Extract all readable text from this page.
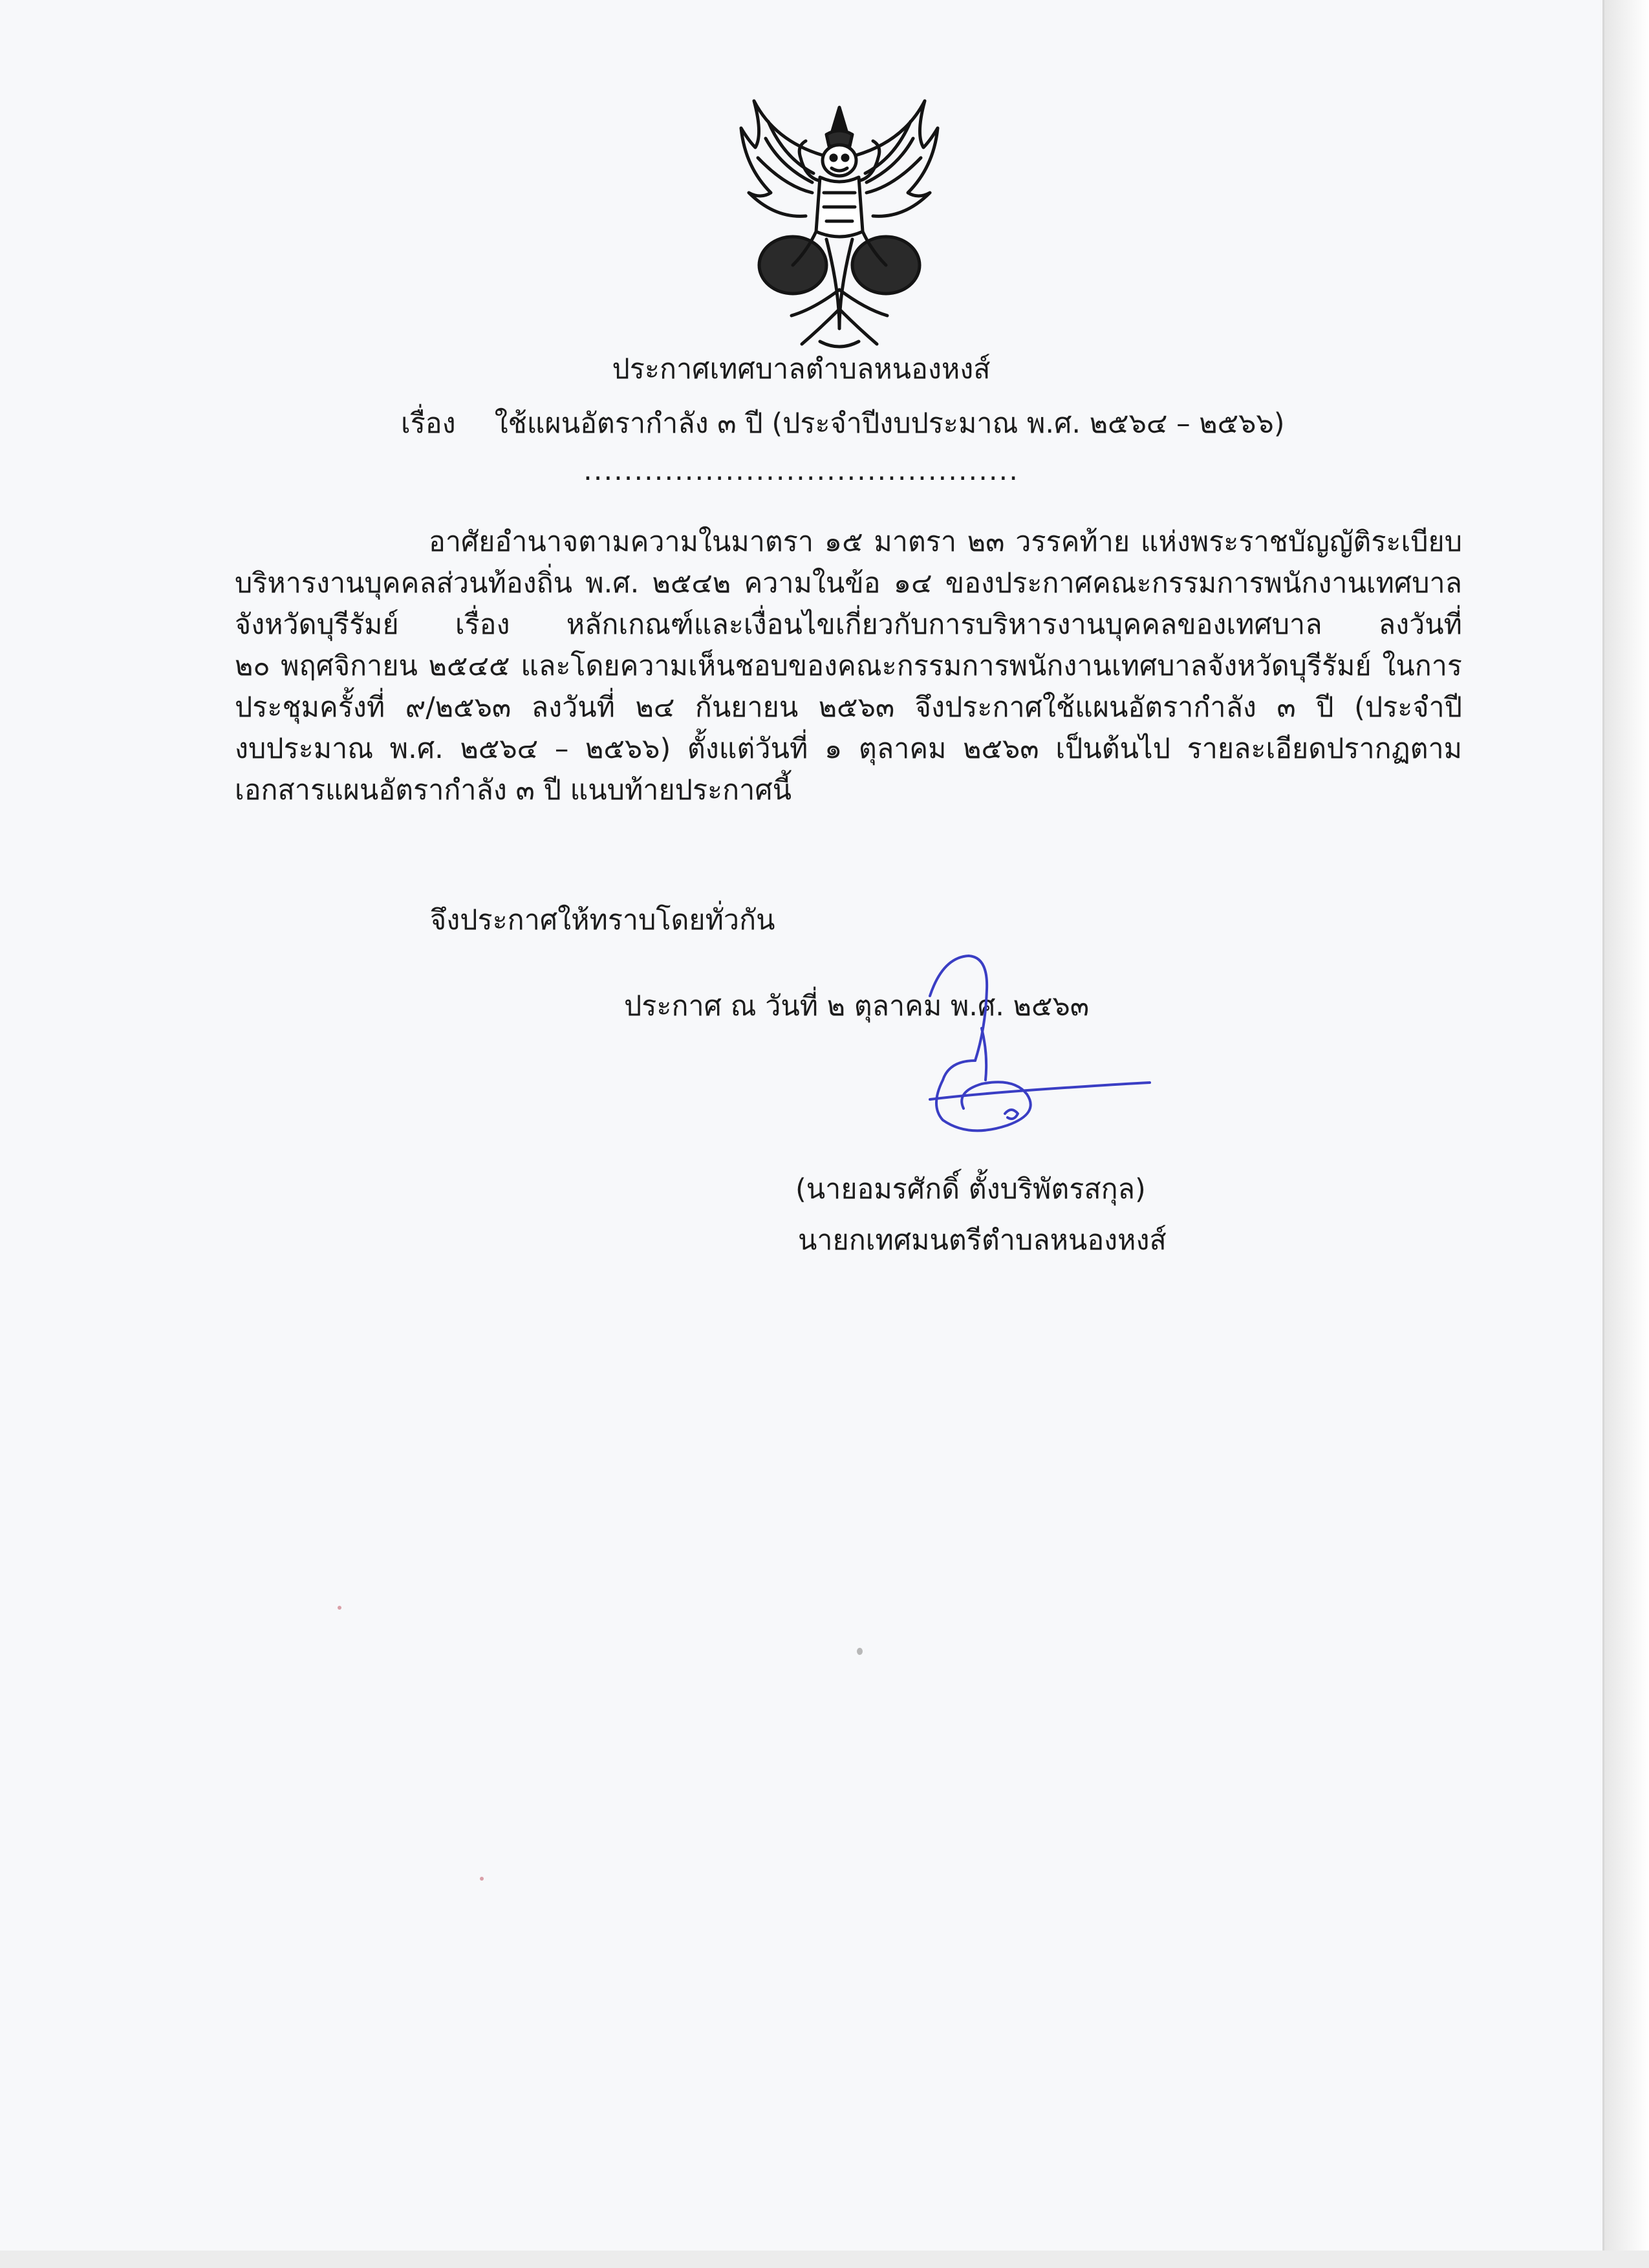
ประกาศเทศบาลตำบลหนองหงส์
เรื่อง ใช้แผนอัตรากำลัง ๓ ปี (ประจำปีงบประมาณ พ.ศ. ๒๕๖๔ – ๒๕๖๖)
...........................................
อาศัยอำนาจตามความในมาตรา ๑๕ มาตรา ๒๓ วรรคท้าย แห่งพระราชบัญญัติระเบียบ
บริหารงานบุคคลส่วนท้องถิ่น พ.ศ. ๒๕๔๒ ความในข้อ ๑๔ ของประกาศคณะกรรมการพนักงานเทศบาล
จังหวัดบุรีรัมย์ เรื่อง หลักเกณฑ์และเงื่อนไขเกี่ยวกับการบริหารงานบุคคลของเทศบาล ลงวันที่
๒๐ พฤศจิกายน ๒๕๔๕ และโดยความเห็นชอบของคณะกรรมการพนักงานเทศบาลจังหวัดบุรีรัมย์ ในการ
ประชุมครั้งที่ ๙/๒๕๖๓ ลงวันที่ ๒๔ กันยายน ๒๕๖๓ จึงประกาศใช้แผนอัตรากำลัง ๓ ปี (ประจำปี
งบประมาณ พ.ศ. ๒๕๖๔ – ๒๕๖๖) ตั้งแต่วันที่ ๑ ตุลาคม ๒๕๖๓ เป็นต้นไป รายละเอียดปรากฏตาม
เอกสารแผนอัตรากำลัง ๓ ปี แนบท้ายประกาศนี้
จึงประกาศให้ทราบโดยทั่วกัน
ประกาศ ณ วันที่ ๒ ตุลาคม พ.ศ. ๒๕๖๓
(นายอมรศักดิ์ ตั้งบริพัตรสกุล)
นายกเทศมนตรีตำบลหนองหงส์
